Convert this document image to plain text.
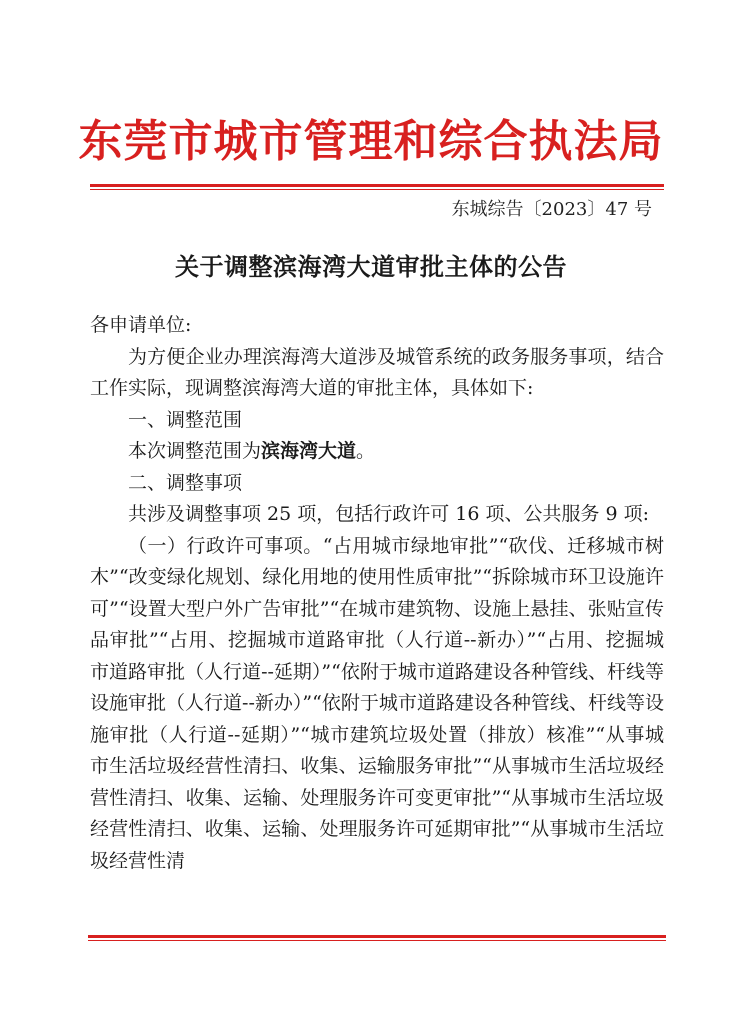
东莞市城市管理和综合执法局
东城综告〔2023〕47 号
关于调整滨海湾大道审批主体的公告

各申请单位:

为方便企业办理滨海湾大道涉及城管系统的政务服务事项，结合工作实际，现调整滨海湾大道的审批主体，具体如下:

一、调整范围

本次调整范围为滨海湾大道。

二、调整事项

共涉及调整事项 25 项，包括行政许可 16 项、公共服务 9 项:

（一）行政许可事项。“占用城市绿地审批”“砍伐、迁移城市树木”“改变绿化规划、绿化用地的使用性质审批”“拆除城市环卫设施许可”“设置大型户外广告审批”“在城市建筑物、设施上悬挂、张贴宣传品审批”“占用、挖掘城市道路审批（人行道--新办）”“占用、挖掘城市道路审批（人行道--延期）”“依附于城市道路建设各种管线、杆线等设施审批（人行道--新办）”“依附于城市道路建设各种管线、杆线等设施审批（人行道--延期）”“城市建筑垃圾处置（排放）核准”“从事城市生活垃圾经营性清扫、收集、运输服务审批”“从事城市生活垃圾经营性清扫、收集、运输、处理服务许可变更审批”“从事城市生活垃圾经营性清扫、收集、运输、处理服务许可延期审批”“从事城市生活垃圾经营性清
